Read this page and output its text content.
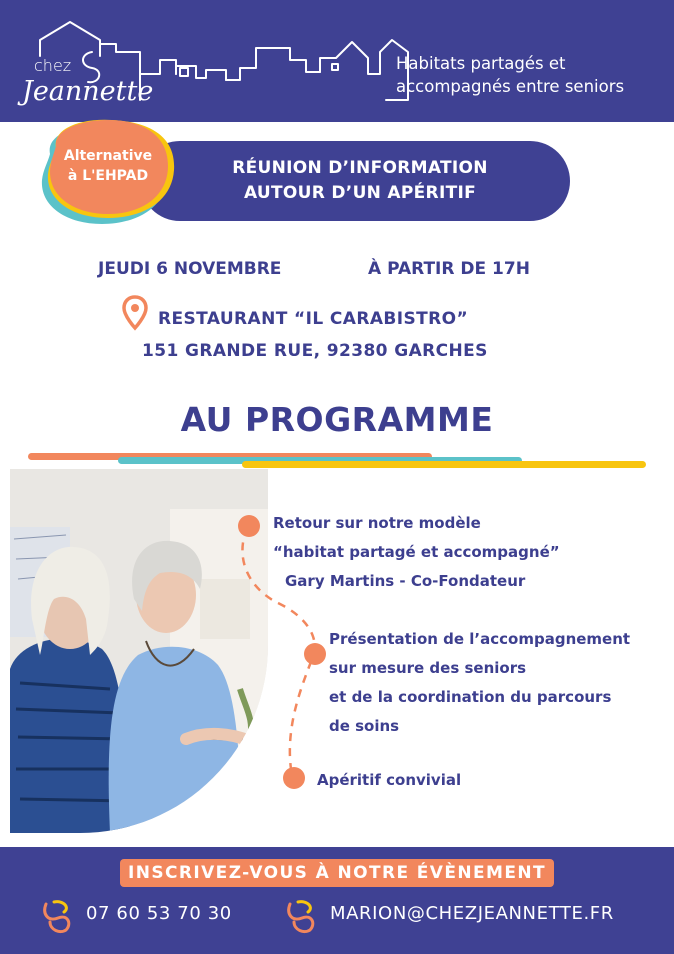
chez
Jeannette
Habitats partagés et
accompagnés entre seniors
RÉUNION D’INFORMATION
AUTOUR D’UN APÉRITIF
Alternative
à L'EHPAD
JEUDI 6 NOVEMBRE	À PARTIR DE 17H
RESTAURANT “IL CARABISTRO”
151 GRANDE RUE, 92380 GARCHES
AU PROGRAMME
Retour sur notre modèle
“habitat partagé et accompagné”
Gary Martins - Co-Fondateur
Présentation de l’accompagnement
sur mesure des seniors
et de la coordination du parcours
de soins
Apéritif convivial
INSCRIVEZ-VOUS À NOTRE ÉVÈNEMENT
07 60 53 70 30	MARION@CHEZJEANNETTE.FR
